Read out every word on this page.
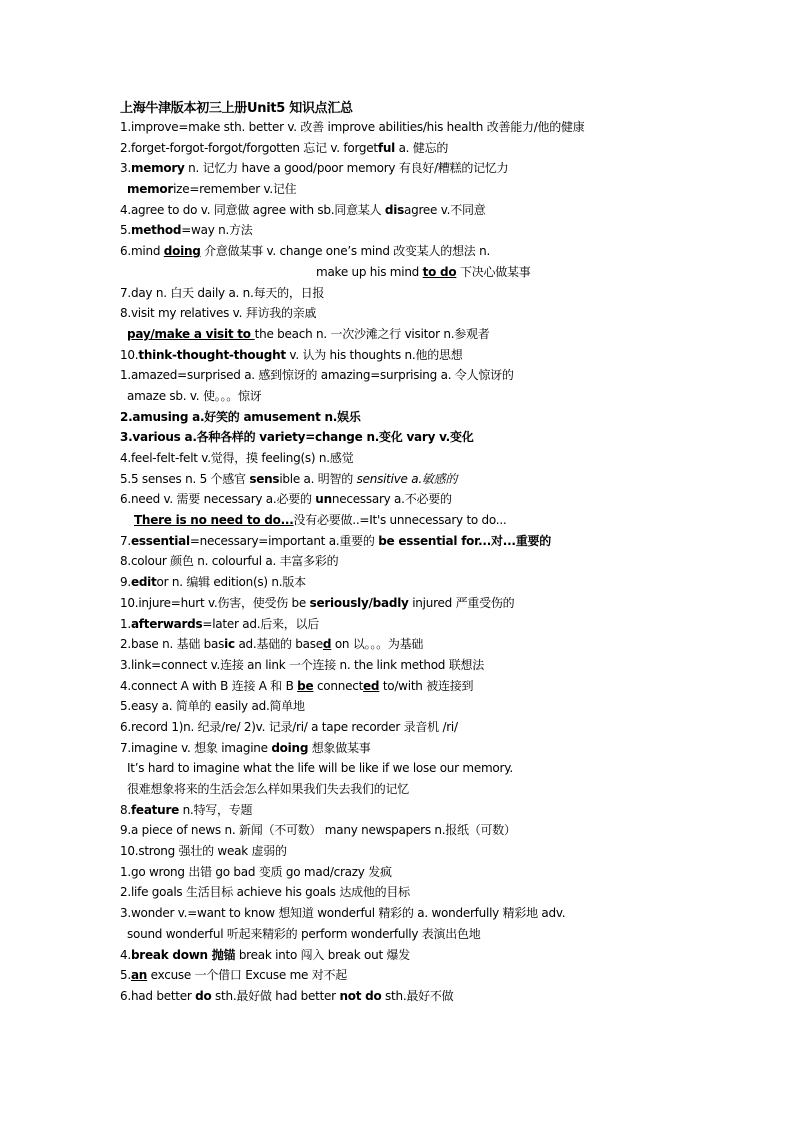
上海牛津版本初三上册Unit5 知识点汇总
1.improve=make sth. better v. 改善 improve abilities/his health 改善能力/他的健康
2.forget-forgot-forgot/forgotten 忘记 v. forgetful a. 健忘的
3.memory n. 记忆力 have a good/poor memory 有良好/糟糕的记忆力
memorize=remember v.记住
4.agree to do v. 同意做 agree with sb.同意某人 disagree v.不同意
5.method=way n.方法
6.mind doing 介意做某事 v. change one’s mind 改变某人的想法 n.
make up his mind to do 下决心做某事
7.day n. 白天 daily a. n.每天的，日报
8.visit my relatives v. 拜访我的亲戚
pay/make a visit to the beach n. 一次沙滩之行 visitor n.参观者
10.think-thought-thought v. 认为 his thoughts n.他的思想
1.amazed=surprised a. 感到惊讶的 amazing=surprising a. 令人惊讶的
amaze sb. v. 使。。。惊讶
2.amusing a.好笑的 amusement n.娱乐
3.various a.各种各样的 variety=change n.变化 vary v.变化
4.feel-felt-felt v.觉得，摸 feeling(s) n.感觉
5.5 senses n. 5 个感官 sensible a. 明智的 sensitive a.敏感的
6.need v. 需要 necessary a.必要的 unnecessary a.不必要的
There is no need to do...没有必要做..=It's unnecessary to do...
7.essential=necessary=important a.重要的 be essential for...对...重要的
8.colour 颜色 n. colourful a. 丰富多彩的
9.editor n. 编辑 edition(s) n.版本
10.injure=hurt v.伤害，使受伤 be seriously/badly injured 严重受伤的
1.afterwards=later ad.后来，以后
2.base n. 基础 basic ad.基础的 based on 以。。。为基础
3.link=connect v.连接 an link 一个连接 n. the link method 联想法
4.connect A with B 连接 A 和 B be connected to/with 被连接到
5.easy a. 简单的 easily ad.简单地
6.record 1)n. 纪录/re/ 2)v. 记录/ri/ a tape recorder 录音机 /ri/
7.imagine v. 想象 imagine doing 想象做某事
It’s hard to imagine what the life will be like if we lose our memory.
很难想象将来的生活会怎么样如果我们失去我们的记忆
8.feature n.特写，专题
9.a piece of news n. 新闻（不可数） many newspapers n.报纸（可数）
10.strong 强壮的 weak 虚弱的
1.go wrong 出错 go bad 变质 go mad/crazy 发疯
2.life goals 生活目标 achieve his goals 达成他的目标
3.wonder v.=want to know 想知道 wonderful 精彩的 a. wonderfully 精彩地 adv.
sound wonderful 听起来精彩的 perform wonderfully 表演出色地
4.break down 抛锚 break into 闯入 break out 爆发
5.an excuse 一个借口 Excuse me 对不起
6.had better do sth.最好做 had better not do sth.最好不做
